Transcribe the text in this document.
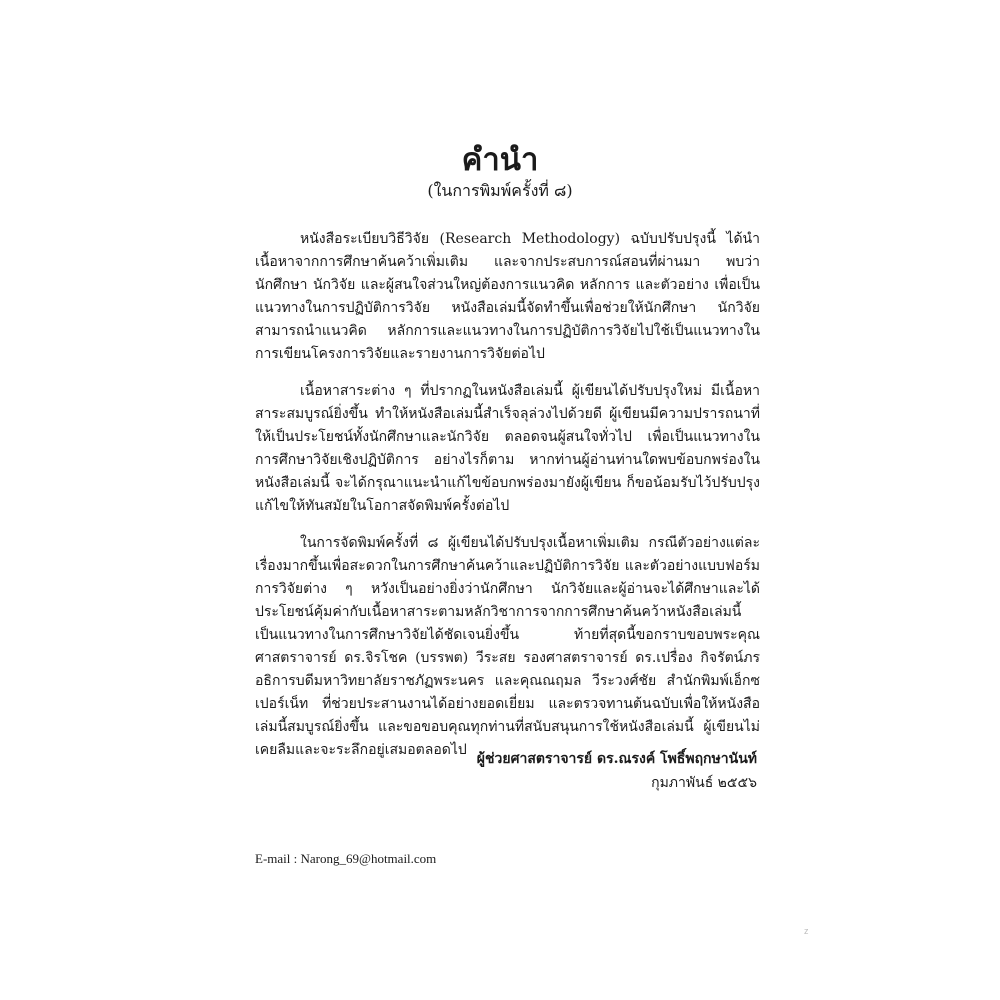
คำนำ
(ในการพิมพ์ครั้งที่ ๘)

หนังสือระเบียบวิธีวิจัย (Research Methodology) ฉบับปรับปรุงนี้ ได้นำเนื้อหาจากการศึกษาค้นคว้าเพิ่มเติม และจากประสบการณ์สอนที่ผ่านมา พบว่านักศึกษา นักวิจัย และผู้สนใจส่วนใหญ่ต้องการแนวคิด หลักการ และตัวอย่าง เพื่อเป็นแนวทางในการปฏิบัติการวิจัย หนังสือเล่มนี้จัดทำขึ้นเพื่อช่วยให้นักศึกษา นักวิจัย สามารถนำแนวคิด หลักการและแนวทางในการปฏิบัติการวิจัยไปใช้เป็นแนวทางในการเขียนโครงการวิจัยและรายงานการวิจัยต่อไป

เนื้อหาสาระต่าง ๆ ที่ปรากฏในหนังสือเล่มนี้ ผู้เขียนได้ปรับปรุงใหม่ มีเนื้อหาสาระสมบูรณ์ยิ่งขึ้น ทำให้หนังสือเล่มนี้สำเร็จลุล่วงไปด้วยดี ผู้เขียนมีความปรารถนาที่ให้เป็นประโยชน์ทั้งนักศึกษาและนักวิจัย ตลอดจนผู้สนใจทั่วไป เพื่อเป็นแนวทางในการศึกษาวิจัยเชิงปฏิบัติการ อย่างไรก็ตาม หากท่านผู้อ่านท่านใดพบข้อบกพร่องในหนังสือเล่มนี้ จะได้กรุณาแนะนำแก้ไขข้อบกพร่องมายังผู้เขียน ก็ขอน้อมรับไว้ปรับปรุงแก้ไขให้ทันสมัยในโอกาสจัดพิมพ์ครั้งต่อไป

ในการจัดพิมพ์ครั้งที่ ๘ ผู้เขียนได้ปรับปรุงเนื้อหาเพิ่มเติม กรณีตัวอย่างแต่ละเรื่องมากขึ้นเพื่อสะดวกในการศึกษาค้นคว้าและปฏิบัติการวิจัย และตัวอย่างแบบฟอร์มการวิจัยต่าง ๆ หวังเป็นอย่างยิ่งว่านักศึกษา นักวิจัยและผู้อ่านจะได้ศึกษาและได้ประโยชน์คุ้มค่ากับเนื้อหาสาระตามหลักวิชาการจากการศึกษาค้นคว้าหนังสือเล่มนี้ เป็นแนวทางในการศึกษาวิจัยได้ชัดเจนยิ่งขึ้น ท้ายที่สุดนี้ขอกราบขอบพระคุณ ศาสตราจารย์ ดร.จิรโชค (บรรพต) วีระสย รองศาสตราจารย์ ดร.เปรื่อง กิจรัตน์ภร อธิการบดีมหาวิทยาลัยราชภัฏพระนคร และคุณณฤมล วีระวงศ์ชัย สำนักพิมพ์เอ็กซเปอร์เน็ท ที่ช่วยประสานงานได้อย่างยอดเยี่ยม และตรวจทานต้นฉบับเพื่อให้หนังสือเล่มนี้สมบูรณ์ยิ่งขึ้น และขอขอบคุณทุกท่านที่สนับสนุนการใช้หนังสือเล่มนี้ ผู้เขียนไม่เคยลืมและจะระลึกอยู่เสมอตลอดไป

ผู้ช่วยศาสตราจารย์ ดร.ณรงค์ โพธิ์พฤกษานันท์
กุมภาพันธ์ ๒๕๕๖
E-mail : Narong_69@hotmail.com
z
